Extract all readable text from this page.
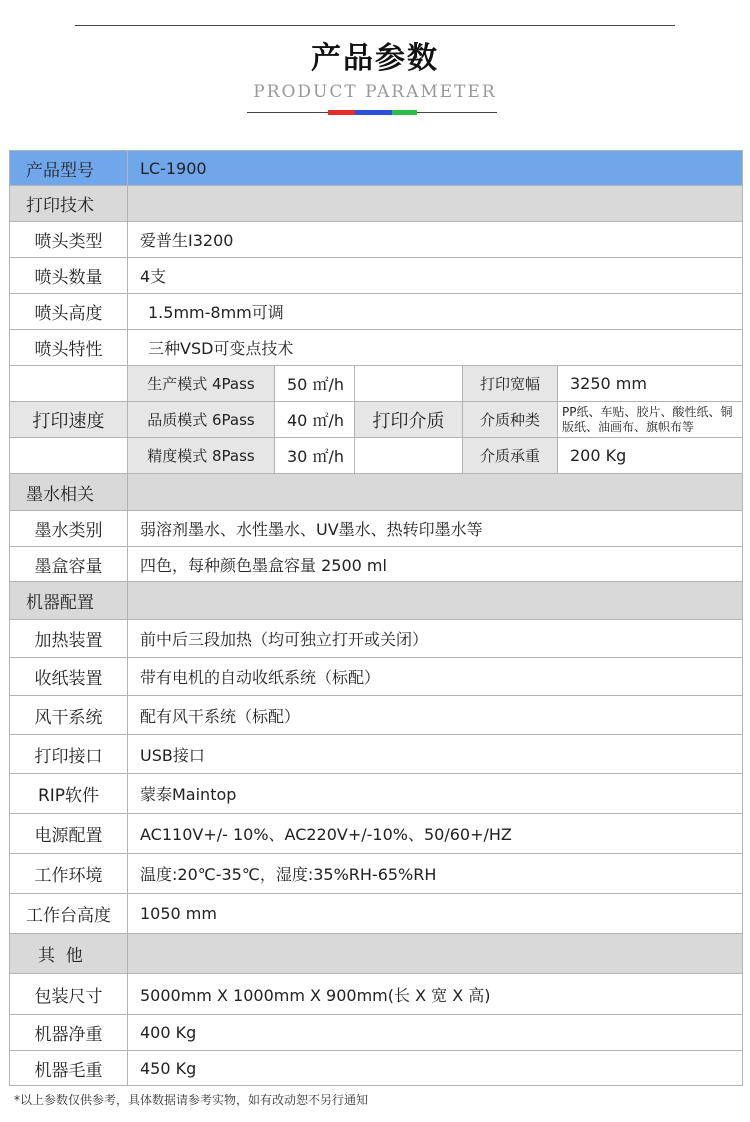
产品参数
PRODUCT PARAMETER
产品型号	LC-1900				
打印技术					
喷头类型	爱普生I3200				
喷头数量	4支				
喷头高度	1.5mm-8mm可调				
喷头特性	三种VSD可变点技术				
	生产模式 4Pass	50 ㎡/h		打印宽幅	3250 mm
打印速度	品质模式 6Pass	40 ㎡/h	打印介质	介质种类	PP纸、车贴、胶片、酸性纸、铜版纸、油画布、旗帜布等
	精度模式 8Pass	30 ㎡/h		介质承重	200 Kg
墨水相关					
墨水类别	弱溶剂墨水、水性墨水、UV墨水、热转印墨水等				
墨盒容量	四色，每种颜色墨盒容量 2500 ml				
机器配置					
加热装置	前中后三段加热（均可独立打开或关闭）				
收纸装置	带有电机的自动收纸系统（标配）				
风干系统	配有风干系统（标配）				
打印接口	USB接口				
RIP软件	蒙泰Maintop				
电源配置	AC110V+/- 10%、AC220V+/-10%、50/60+/HZ				
工作环境	温度:20℃-35℃，湿度:35%RH-65%RH				
工作台高度	1050 mm				
其  他					
包装尺寸	5000mm X 1000mm X 900mm(长 X 宽 X 高)				
机器净重	400 Kg				
机器毛重	450 Kg				
*以上参数仅供参考，具体数据请参考实物，如有改动恕不另行通知
